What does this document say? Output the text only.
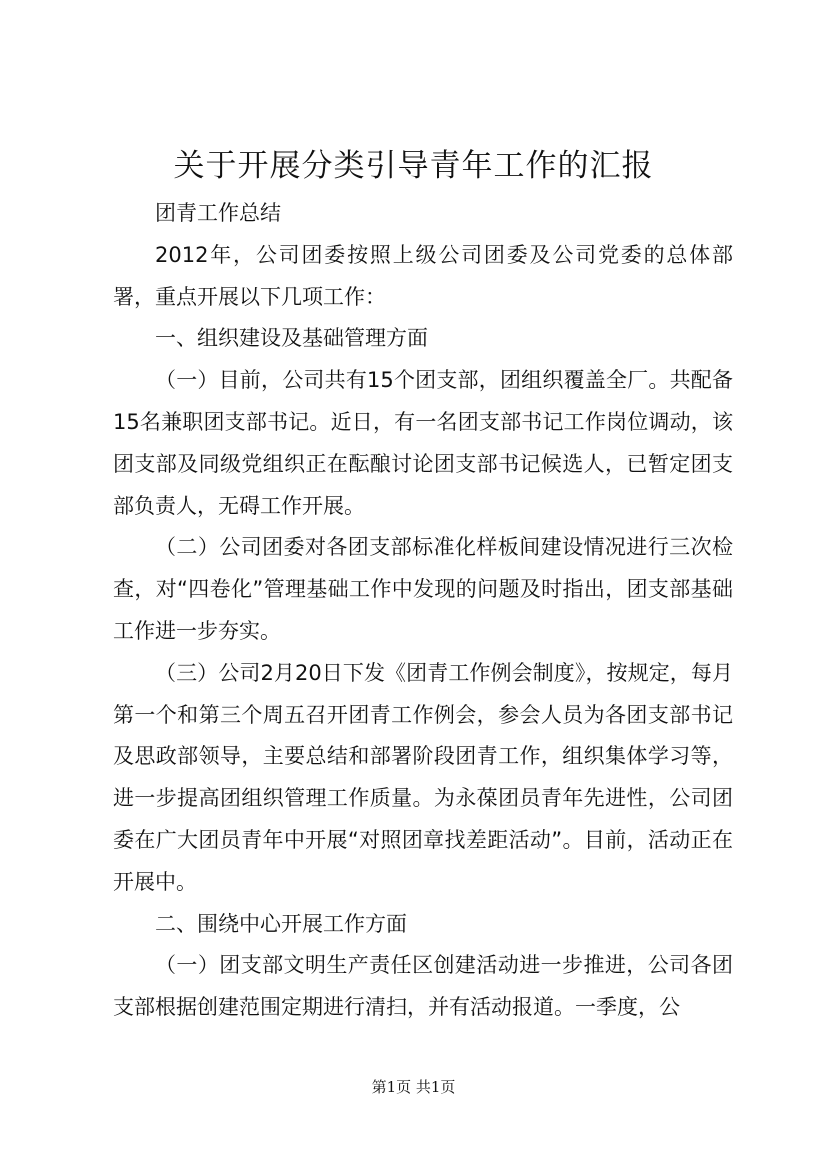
关于开展分类引导青年工作的汇报

团青工作总结

2012年，公司团委按照上级公司团委及公司党委的总体部署，重点开展以下几项工作：

一、组织建设及基础管理方面

（一）目前，公司共有15个团支部，团组织覆盖全厂。共配备15名兼职团支部书记。近日，有一名团支部书记工作岗位调动，该团支部及同级党组织正在酝酿讨论团支部书记候选人，已暂定团支部负责人，无碍工作开展。

（二）公司团委对各团支部标准化样板间建设情况进行三次检查，对“四卷化”管理基础工作中发现的问题及时指出，团支部基础工作进一步夯实。

（三）公司2月20日下发《团青工作例会制度》，按规定，每月第一个和第三个周五召开团青工作例会，参会人员为各团支部书记及思政部领导，主要总结和部署阶段团青工作，组织集体学习等，进一步提高团组织管理工作质量。为永葆团员青年先进性，公司团委在广大团员青年中开展“对照团章找差距活动”。目前，活动正在开展中。

二、围绕中心开展工作方面

（一）团支部文明生产责任区创建活动进一步推进，公司各团支部根据创建范围定期进行清扫，并有活动报道。一季度，公

第1页 共1页
